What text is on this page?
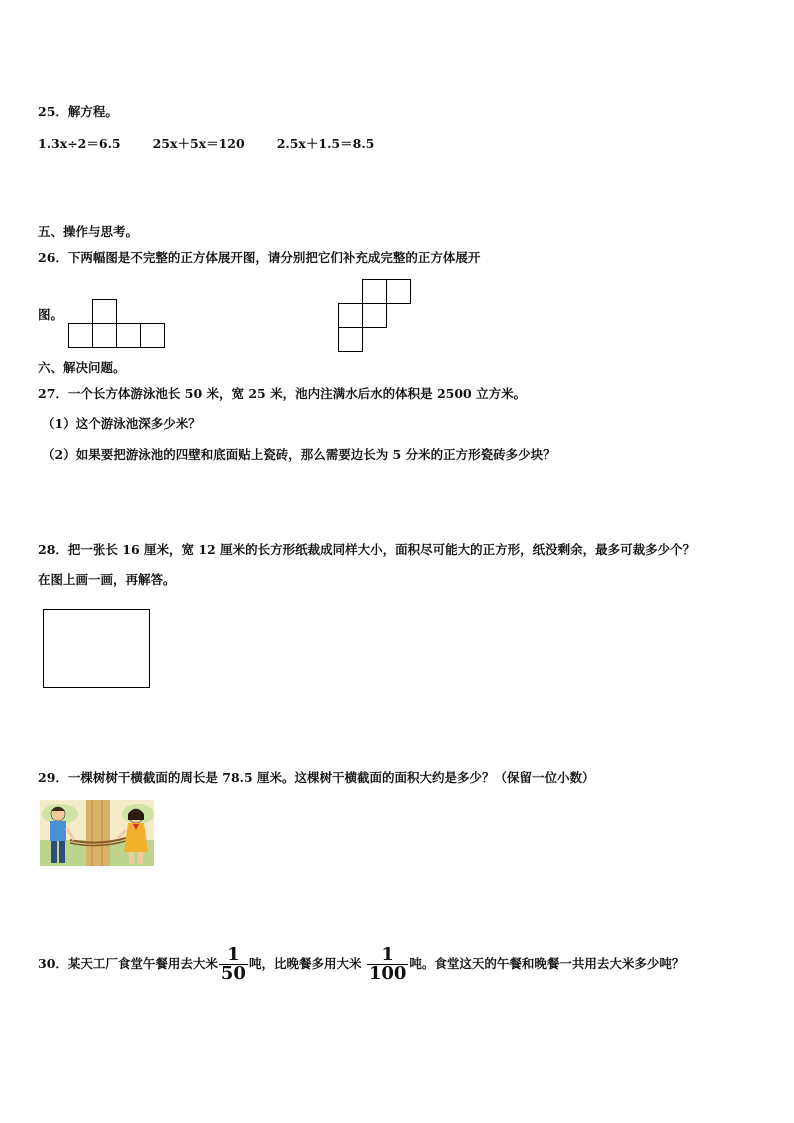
25．解方程。
1.3x÷2＝6.5	25x＋5x＝120	2.5x＋1.5＝8.5
五、操作与思考。
26．下两幅图是不完整的正方体展开图，请分别把它们补充成完整的正方体展开
图。
六、解决问题。
27．一个长方体游泳池长 50 米，宽 25 米，池内注满水后水的体积是 2500 立方米。
（1）这个游泳池深多少米？
（2）如果要把游泳池的四壁和底面贴上瓷砖，那么需要边长为 5 分米的正方形瓷砖多少块？
28．把一张长 16 厘米，宽 12 厘米的长方形纸裁成同样大小，面积尽可能大的正方形，纸没剩余，最多可裁多少个？
在图上画一画，再解答。
29．一棵树树干横截面的周长是 78.5 厘米。这棵树干横截面的面积大约是多少？（保留一位小数）
30．某天工厂食堂午餐用去大米 $\frac{1}{50}$ 吨，比晚餐多用大米 $\frac{1}{100}$ 吨。食堂这天的午餐和晚餐一共用去大米多少吨？
